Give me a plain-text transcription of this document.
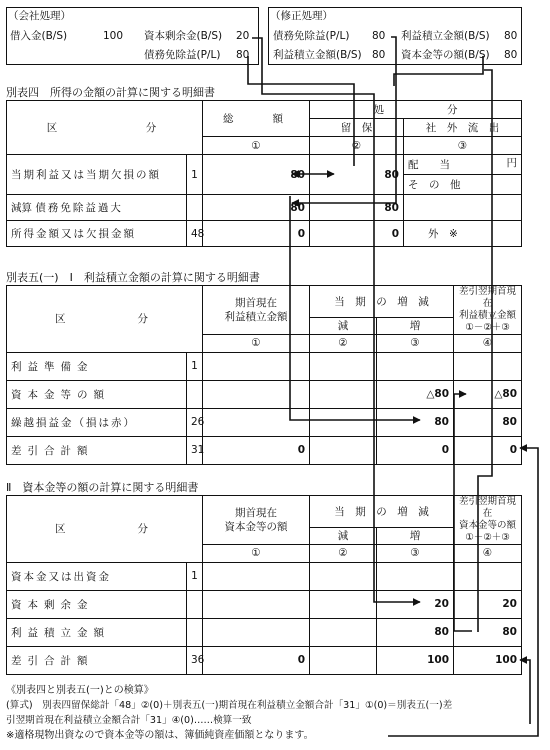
（会社処理）
借入金(B/S)	100 資本剰余金(B/S) 20
債務免除益(P/L) 80
（修正処理）
債務免除益(P/L) 80 利益積立金額(B/S) 80
利益積立金額(B/S) 80 資本金等の額(B/S) 80
別表四　所得の金額の計算に関する明細書
区　　　　　分		総　　額	処　　　　　　分		
			留　保	社　外　流　出	
		①	②	③	
当期利益又は当期欠損の額	1	80	80	配　　当	円
				そ　の　他	
減算 債務免除益過大		80	80		
所得金額又は欠損金額	48	0	0	外　※	
別表五(一)　Ⅰ　利益積立金額の計算に関する明細書
区　　　　分		期首現在
利益積立金額	当　期　の　増　減		差引翌期首現在
利益積立金額
①－②＋③
			減	増	
		①	②	③	④
利益準備金	1				
資本金等の額				△80	△80
繰越損益金（損は赤）	26			80	80
差引合計額	31	0		0	0
Ⅱ　資本金等の額の計算に関する明細書
区　　　　分		期首現在
資本金等の額	当　期　の　増　減		差引翌期首現在
資本金等の額
①－②＋③
			減	増	
		①	②	③	④
資本金又は出資金	1				
資本剰余金				20	20
利益積立金額				80	80
差引合計額	36	0		100	100
《別表四と別表五(一)との検算》
(算式)　別表四留保総計「48」②(0)＋別表五(一)期首現在利益積立金額合計「31」①(0)＝別表五(一)差
引翌期首現在利益積立金額合計「31」④(0)……検算一致
※適格現物出資なので資本金等の額は、簿価純資産価額となります。
